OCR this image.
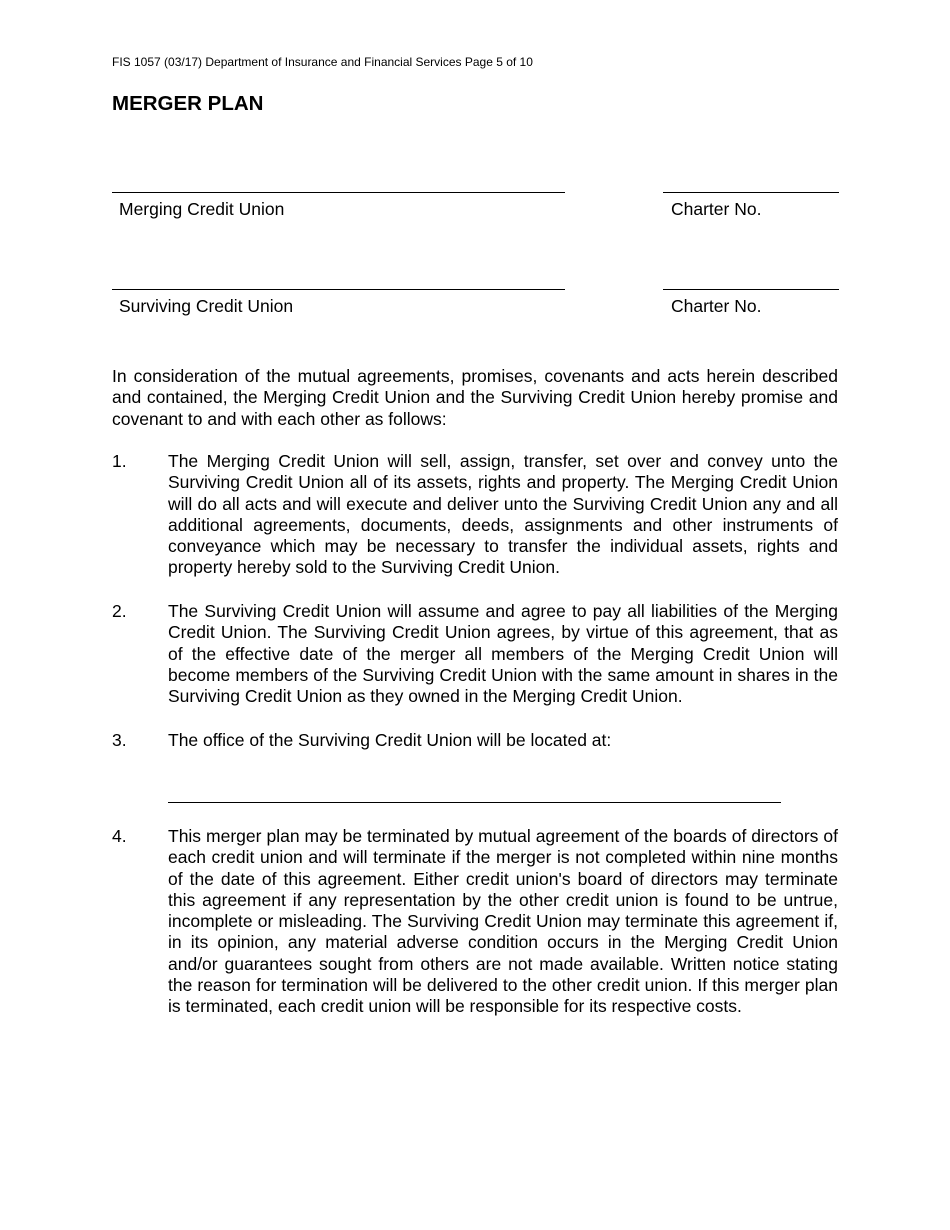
FIS 1057 (03/17) Department of Insurance and Financial Services Page 5 of 10
MERGER PLAN
Merging Credit Union	Charter No.
Surviving Credit Union	Charter No.

In consideration of the mutual agreements, promises, covenants and acts herein described and contained, the Merging Credit Union and the Surviving Credit Union hereby promise and covenant to and with each other as follows:

1. The Merging Credit Union will sell, assign, transfer, set over and convey unto the Surviving Credit Union all of its assets, rights and property. The Merging Credit Union will do all acts and will execute and deliver unto the Surviving Credit Union any and all additional agreements, documents, deeds, assignments and other instruments of conveyance which may be necessary to transfer the individual assets, rights and property hereby sold to the Surviving Credit Union.

2. The Surviving Credit Union will assume and agree to pay all liabilities of the Merging Credit Union. The Surviving Credit Union agrees, by virtue of this agreement, that as of the effective date of the merger all members of the Merging Credit Union will become members of the Surviving Credit Union with the same amount in shares in the Surviving Credit Union as they owned in the Merging Credit Union.

3. The office of the Surviving Credit Union will be located at:

4. This merger plan may be terminated by mutual agreement of the boards of directors of each credit union and will terminate if the merger is not completed within nine months of the date of this agreement. Either credit union's board of directors may terminate this agreement if any representation by the other credit union is found to be untrue, incomplete or misleading. The Surviving Credit Union may terminate this agreement if, in its opinion, any material adverse condition occurs in the Merging Credit Union and/or guarantees sought from others are not made available. Written notice stating the reason for termination will be delivered to the other credit union. If this merger plan is terminated, each credit union will be responsible for its respective costs.
